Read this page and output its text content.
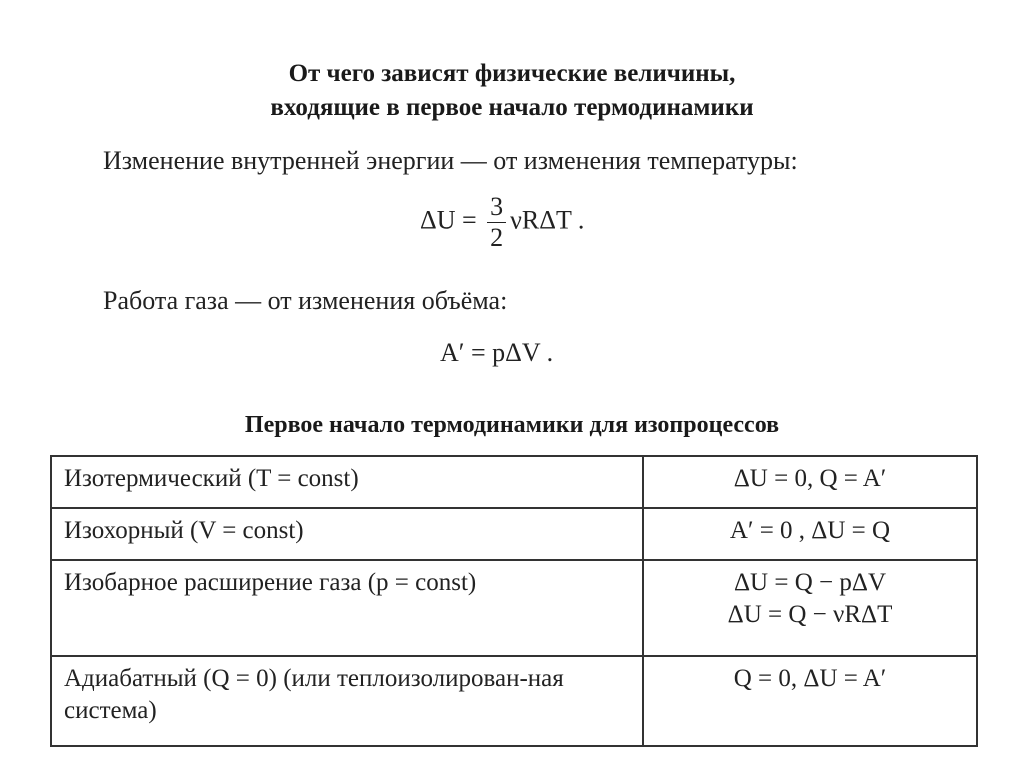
От чего зависят физические величины,
входящие в первое начало термодинамики
Изменение внутренней энергии — от изменения температуры:
$\Delta U = \frac{3}{2}$ νRΔT .
Работа газа — от изменения объёма:
A′ = pΔV .
Первое начало термодинамики для изопроцессов
Изотермический (T = const)	ΔU = 0, Q = A′

Изохорный (V = const)	A′ = 0 , ΔU = Q

Изобарное расширение газа (p = const)	ΔU = Q − pΔV
ΔU = Q − νRΔT

Адиабатный (Q = 0) (или теплоизолирован-ная система)	Q = 0, ΔU = A′
